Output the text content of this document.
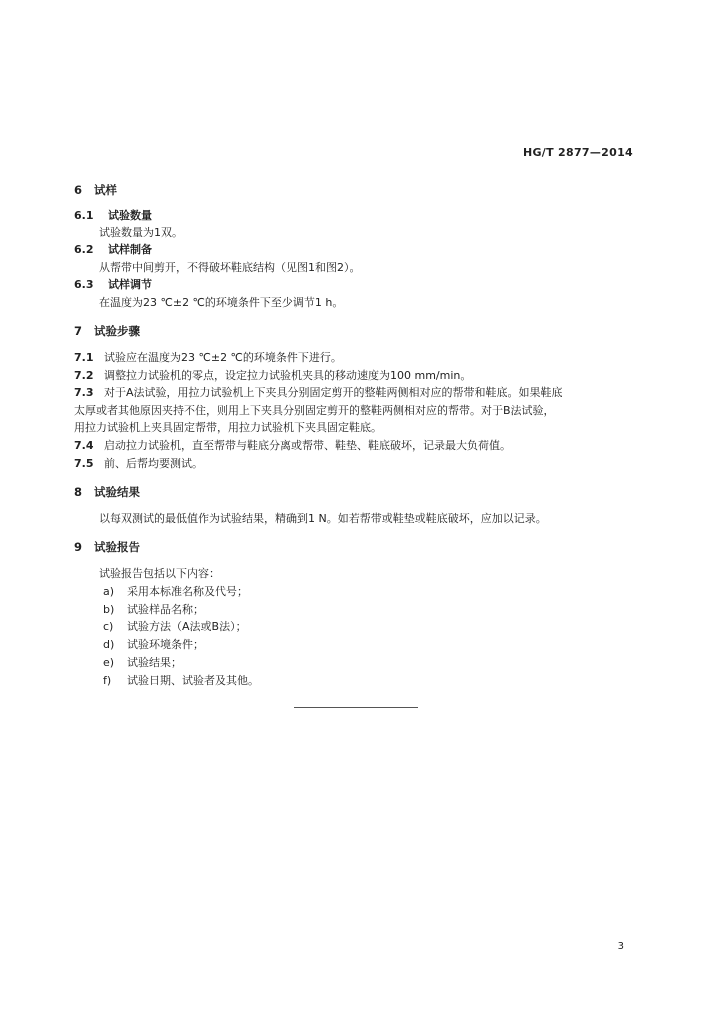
HG/T 2877—2014
6 试样
6.1 试验数量
试验数量为1双。
6.2 试样制备
从帮带中间剪开，不得破坏鞋底结构（见图1和图2）。
6.3 试样调节
在温度为23 ℃±2 ℃的环境条件下至少调节1 h。
7 试验步骤
7.1 试验应在温度为23 ℃±2 ℃的环境条件下进行。
7.2 调整拉力试验机的零点，设定拉力试验机夹具的移动速度为100 mm/min。
7.3 对于A法试验，用拉力试验机上下夹具分别固定剪开的整鞋两侧相对应的帮带和鞋底。如果鞋底
太厚或者其他原因夹持不住，则用上下夹具分别固定剪开的整鞋两侧相对应的帮带。对于B法试验，
用拉力试验机上夹具固定帮带，用拉力试验机下夹具固定鞋底。
7.4 启动拉力试验机，直至帮带与鞋底分离或帮带、鞋垫、鞋底破坏，记录最大负荷值。
7.5 前、后帮均要测试。
8 试验结果
以每双测试的最低值作为试验结果，精确到1 N。如若帮带或鞋垫或鞋底破坏，应加以记录。
9 试验报告
试验报告包括以下内容：
a) 采用本标准名称及代号；
b) 试验样品名称；
c) 试验方法（A法或B法）；
d) 试验环境条件；
e) 试验结果；
f) 试验日期、试验者及其他。
3
